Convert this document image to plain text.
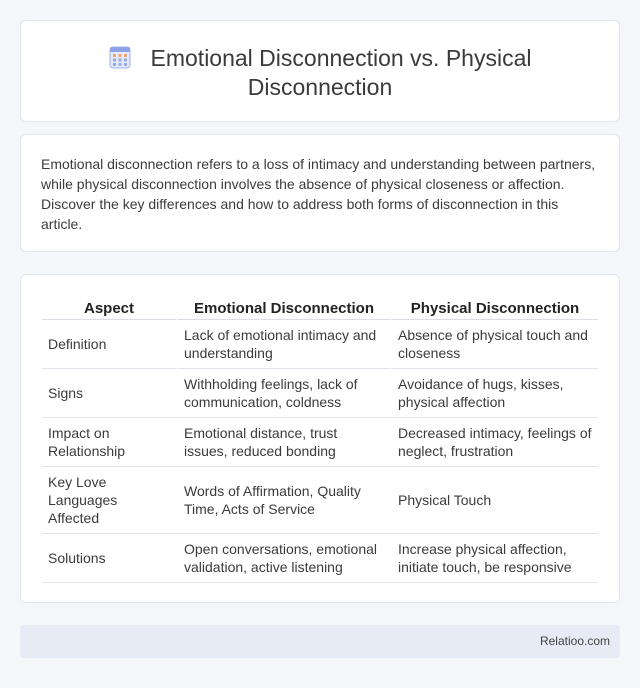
Emotional Disconnection vs. Physical
Disconnection

Emotional disconnection refers to a loss of intimacy and understanding between partners, while physical disconnection involves the absence of physical closeness or affection. Discover the key differences and how to address both forms of disconnection in this article.

Aspect	Emotional Disconnection	Physical Disconnection
Definition	Lack of emotional intimacy and understanding	Absence of physical touch and closeness
Signs	Withholding feelings, lack of communication, coldness	Avoidance of hugs, kisses, physical affection
Impact on Relationship	Emotional distance, trust issues, reduced bonding	Decreased intimacy, feelings of neglect, frustration
Key Love Languages Affected	Words of Affirmation, Quality Time, Acts of Service	Physical Touch
Solutions	Open conversations, emotional validation, active listening	Increase physical affection, initiate touch, be responsive
Relatioo.com
